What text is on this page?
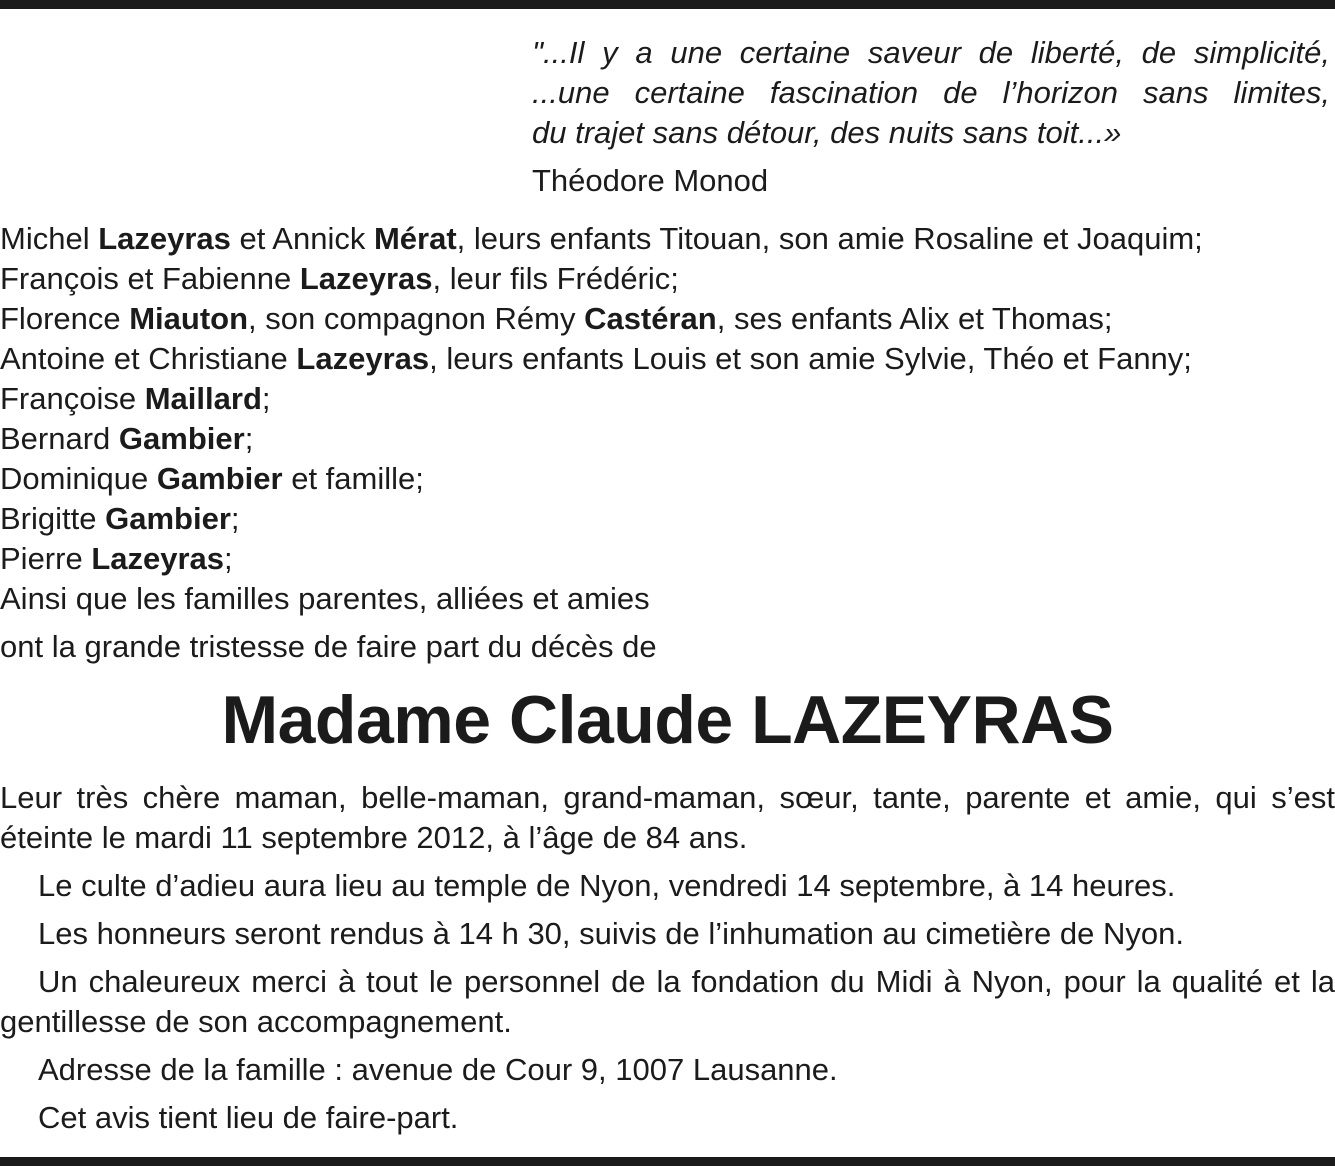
"...Il y a une certaine saveur de liberté, de simplicité,
...une certaine fascination de l’horizon sans limites,
du trajet sans détour, des nuits sans toit...»
Théodore Monod
Michel Lazeyras et Annick Mérat, leurs enfants Titouan, son amie Rosaline et Joaquim;
François et Fabienne Lazeyras, leur fils Frédéric;
Florence Miauton, son compagnon Rémy Castéran, ses enfants Alix et Thomas;
Antoine et Christiane Lazeyras, leurs enfants Louis et son amie Sylvie, Théo et Fanny;
Françoise Maillard;
Bernard Gambier;
Dominique Gambier et famille;
Brigitte Gambier;
Pierre Lazeyras;
Ainsi que les familles parentes, alliées et amies
ont la grande tristesse de faire part du décès de
Madame Claude LAZEYRAS

Leur très chère maman, belle-maman, grand-maman, sœur, tante, parente et amie, qui s’est éteinte le mardi 11 septembre 2012, à l’âge de 84 ans.

Le culte d’adieu aura lieu au temple de Nyon, vendredi 14 septembre, à 14 heures.

Les honneurs seront rendus à 14 h 30, suivis de l’inhumation au cimetière de Nyon.

Un chaleureux merci à tout le personnel de la fondation du Midi à Nyon, pour la qualité et la gentillesse de son accompagnement.

Adresse de la famille : avenue de Cour 9, 1007 Lausanne.

Cet avis tient lieu de faire-part.
